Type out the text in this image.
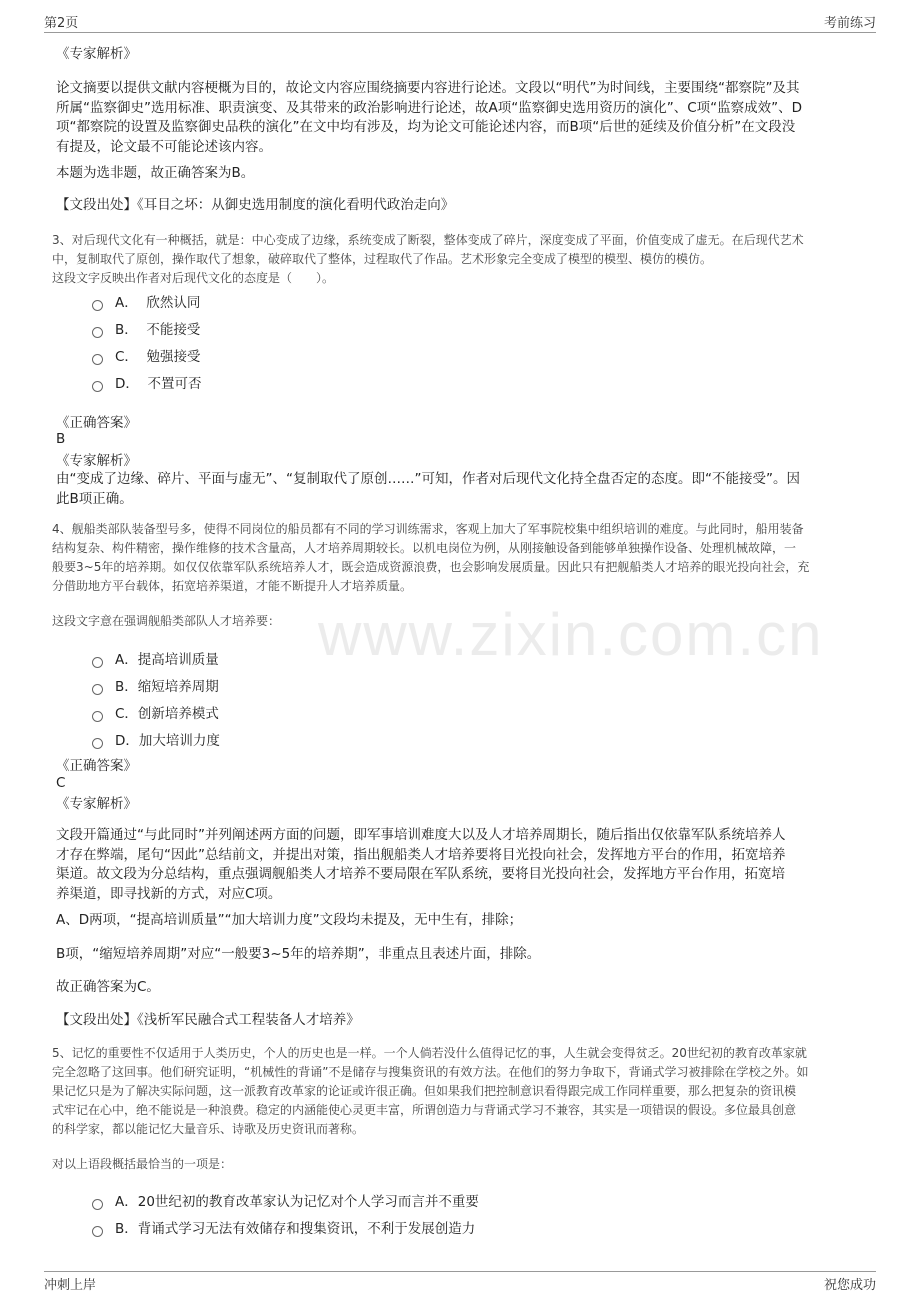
第2页	考前练习
www.zixin.com.cn
《专家解析》
论文摘要以提供文献内容梗概为目的，故论文内容应围绕摘要内容进行论述。文段以“明代”为时间线，主要围绕“都察院”及其
所属“监察御史”选用标准、职责演变、及其带来的政治影响进行论述，故A项“监察御史选用资历的演化”、C项“监察成效”、D
项“都察院的设置及监察御史品秩的演化”在文中均有涉及，均为论文可能论述内容，而B项“后世的延续及价值分析”在文段没
有提及，论文最不可能论述该内容。
本题为选非题，故正确答案为B。
【文段出处】《耳目之坏：从御史选用制度的演化看明代政治走向》
3、对后现代文化有一种概括，就是：中心变成了边缘，系统变成了断裂，整体变成了碎片，深度变成了平面，价值变成了虚无。在后现代艺术
中，复制取代了原创，操作取代了想象，破碎取代了整体，过程取代了作品。艺术形象完全变成了模型的模型、模仿的模仿。
这段文字反映出作者对后现代文化的态度是（　　）。
A．  欣然认同
B．  不能接受
C．  勉强接受
D．  不置可否
《正确答案》
B
《专家解析》
由“变成了边缘、碎片、平面与虚无”、“复制取代了原创……”可知，作者对后现代文化持全盘否定的态度。即“不能接受”。因
此B项正确。
4、舰船类部队装备型号多，使得不同岗位的船员都有不同的学习训练需求，客观上加大了军事院校集中组织培训的难度。与此同时，船用装备
结构复杂、构件精密，操作维修的技术含量高，人才培养周期较长。以机电岗位为例，从刚接触设备到能够单独操作设备、处理机械故障，一
般要3~5年的培养期。如仅仅依靠军队系统培养人才，既会造成资源浪费，也会影响发展质量。因此只有把舰船类人才培养的眼光投向社会，充
分借助地方平台载体，拓宽培养渠道，才能不断提升人才培养质量。
这段文字意在强调舰船类部队人才培养要：
A．提高培训质量
B．缩短培养周期
C．创新培养模式
D．加大培训力度
《正确答案》
C
《专家解析》
文段开篇通过“与此同时”并列阐述两方面的问题，即军事培训难度大以及人才培养周期长，随后指出仅依靠军队系统培养人
才存在弊端，尾句“因此”总结前文，并提出对策，指出舰船类人才培养要将目光投向社会，发挥地方平台的作用，拓宽培养
渠道。故文段为分总结构，重点强调舰船类人才培养不要局限在军队系统，要将目光投向社会，发挥地方平台作用，拓宽培
养渠道，即寻找新的方式，对应C项。
A、D两项，“提高培训质量”“加大培训力度”文段均未提及，无中生有，排除；
B项，“缩短培养周期”对应“一般要3~5年的培养期”，非重点且表述片面，排除。
故正确答案为C。
【文段出处】《浅析军民融合式工程装备人才培养》
5、记忆的重要性不仅适用于人类历史，个人的历史也是一样。一个人倘若没什么值得记忆的事，人生就会变得贫乏。20世纪初的教育改革家就
完全忽略了这回事。他们研究证明，“机械性的背诵”不是储存与搜集资讯的有效方法。在他们的努力争取下，背诵式学习被排除在学校之外。如
果记忆只是为了解决实际问题，这一派教育改革家的论证或许很正确。但如果我们把控制意识看得跟完成工作同样重要，那么把复杂的资讯模
式牢记在心中，绝不能说是一种浪费。稳定的内涵能使心灵更丰富，所谓创造力与背诵式学习不兼容，其实是一项错误的假设。多位最具创意
的科学家，都以能记忆大量音乐、诗歌及历史资讯而著称。
对以上语段概括最恰当的一项是：
A．20世纪初的教育改革家认为记忆对个人学习而言并不重要
B．背诵式学习无法有效储存和搜集资讯，不利于发展创造力
冲刺上岸	祝您成功
